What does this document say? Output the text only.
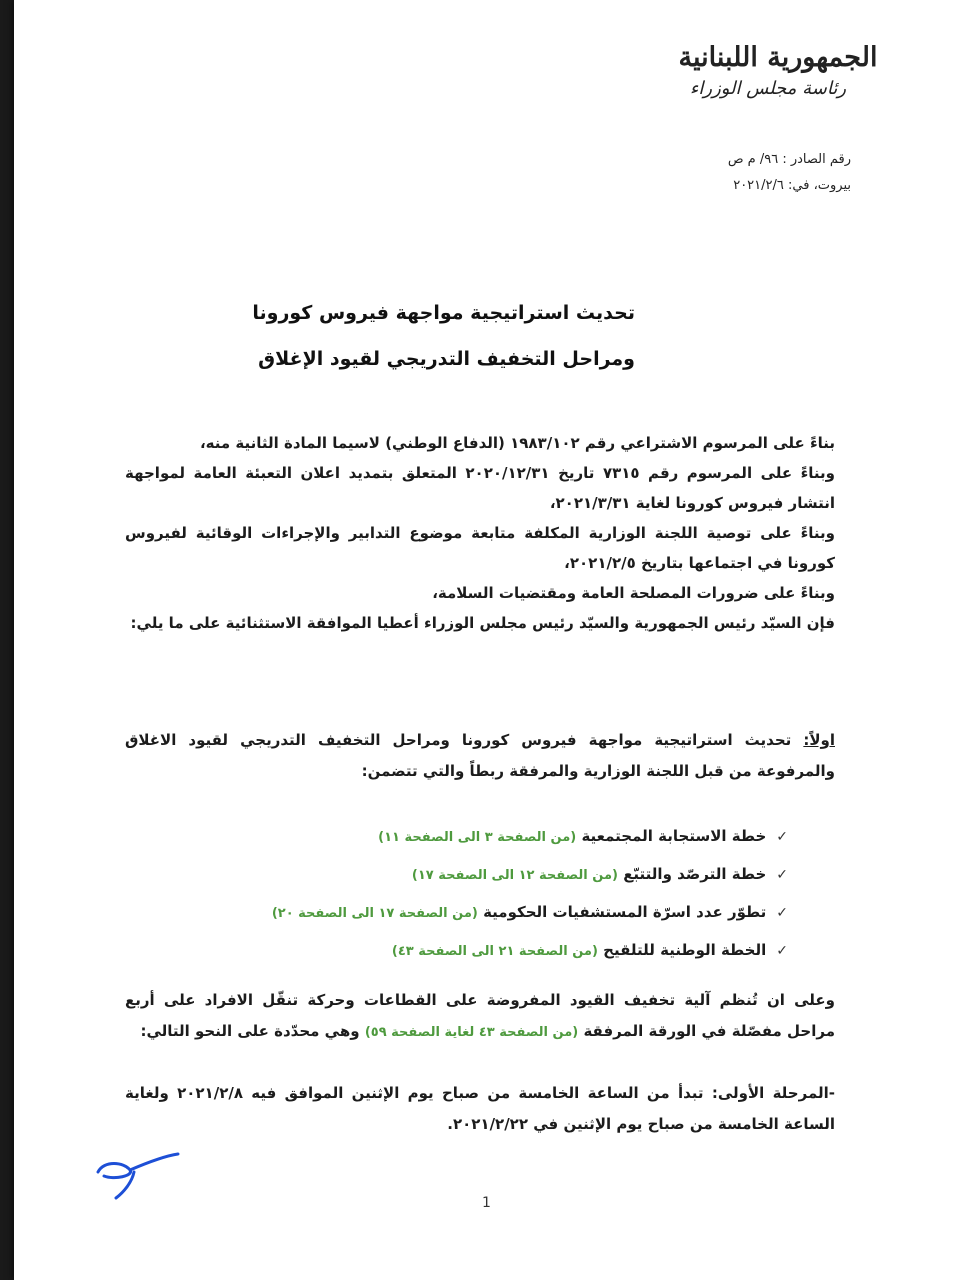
الجمهورية اللبنانية
رئاسة مجلس الوزراء
رقم الصادر : ٩٦/ م ص
بيروت، في: ٢٠٢١/٢/٦
تحديث استراتيجية مواجهة فيروس كورونا
ومراحل التخفيف التدريجي لقيود الإغلاق

بناءً على المرسوم الاشتراعي رقم ١٩٨٣/١٠٢ (الدفاع الوطني) لاسيما المادة الثانية منه،

وبناءً على المرسوم رقم ٧٣١٥ تاريخ ٢٠٢٠/١٢/٣١ المتعلق بتمديد اعلان التعبئة العامة لمواجهة انتشار فيروس كورونا لغاية ٢٠٢١/٣/٣١،

وبناءً على توصية اللجنة الوزارية المكلفة متابعة موضوع التدابير والإجراءات الوقائية لفيروس كورونا في اجتماعها بتاريخ ٢٠٢١/٢/٥،

وبناءً على ضرورات المصلحة العامة ومقتضيات السلامة،

فإن السيّد رئيس الجمهورية والسيّد رئيس مجلس الوزراء أعطيا الموافقة الاستثنائية على ما يلي:

اولاً: تحديث استراتيجية مواجهة فيروس كورونا ومراحل التخفيف التدريجي لقيود الاغلاق والمرفوعة من قبل اللجنة الوزارية والمرفقة ربطاً والتي تتضمن:

✓خطة الاستجابة المجتمعية (من الصفحة ٣ الى الصفحة ١١)
✓خطة الترصّد والتتبّع (من الصفحة ١٢ الى الصفحة ١٧)
✓تطوّر عدد اسرّة المستشفيات الحكومية (من الصفحة ١٧ الى الصفحة ٢٠)
✓الخطة الوطنية للتلقيح (من الصفحة ٢١ الى الصفحة ٤٣)

وعلى ان تُنظم آلية تخفيف القيود المفروضة على القطاعات وحركة تنقّل الافراد على أربع مراحل مفصّلة في الورقة المرفقة (من الصفحة ٤٣ لغاية الصفحة ٥٩) وهي محدّدة على النحو التالي:

-المرحلة الأولى: تبدأ من الساعة الخامسة من صباح يوم الإثنين الموافق فيه ٢٠٢١/٢/٨ ولغاية الساعة الخامسة من صباح يوم الإثنين في ٢٠٢١/٢/٢٢.

1
